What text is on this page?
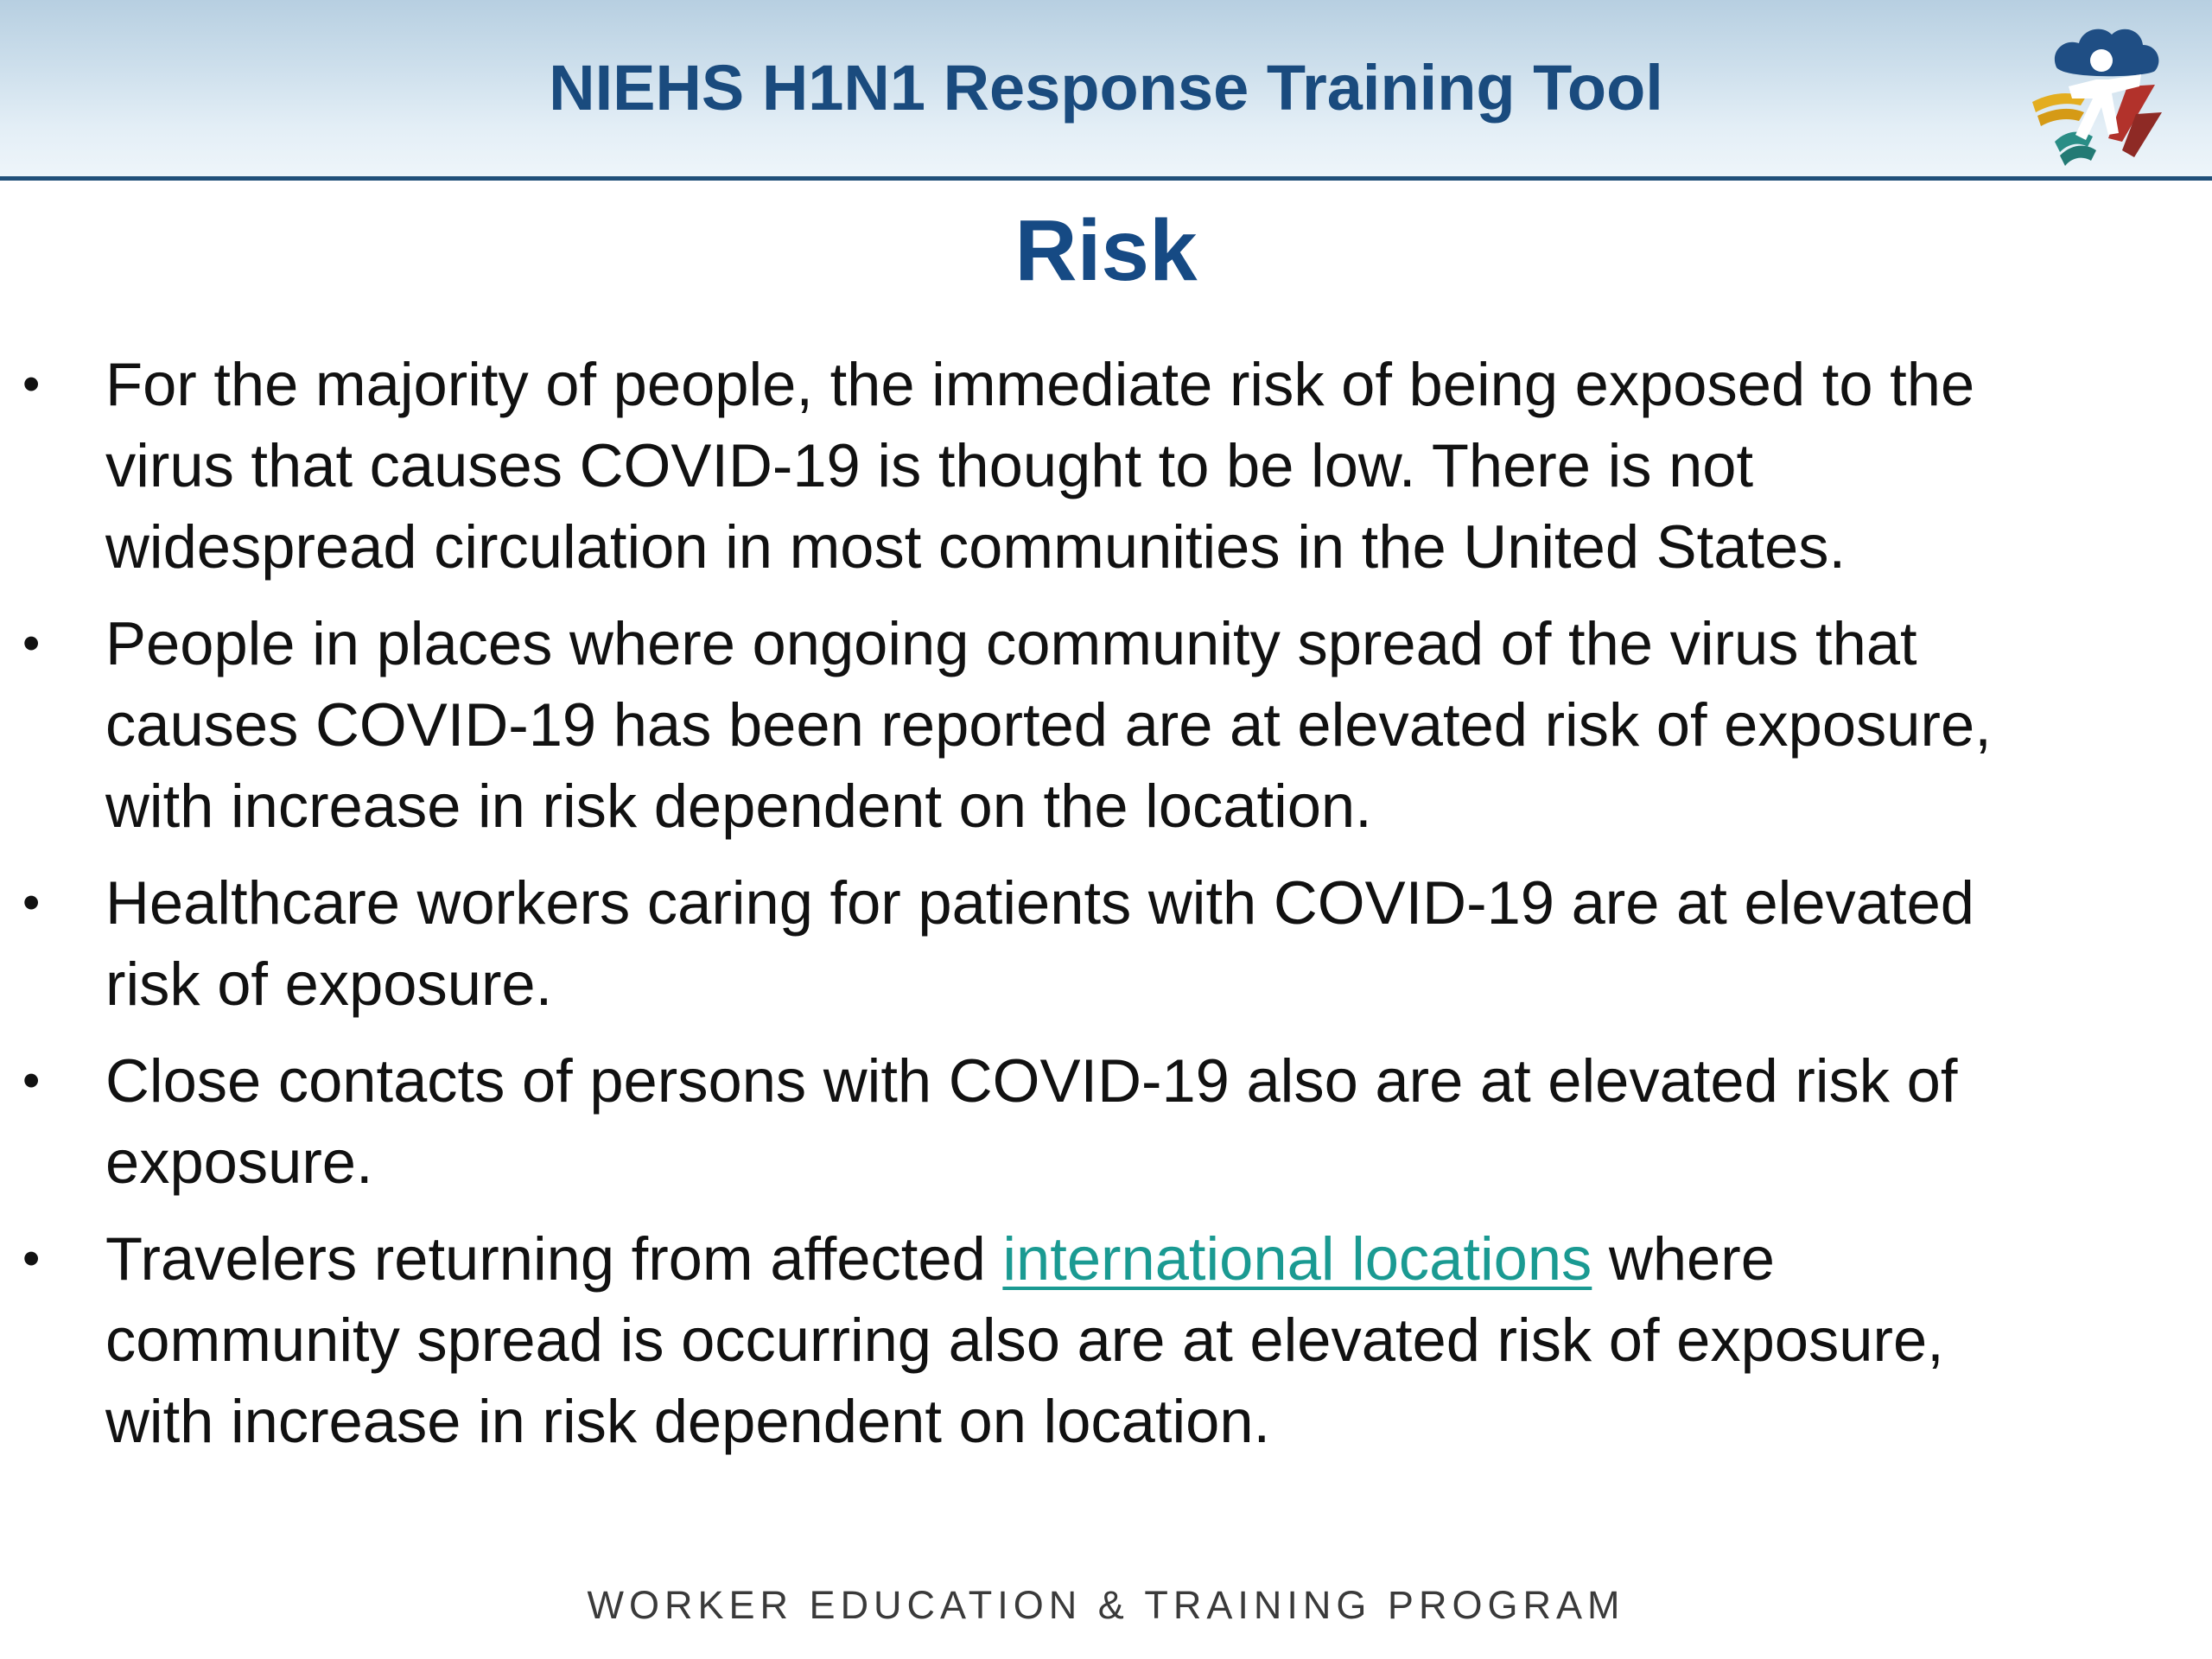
NIEHS H1N1 Response Training Tool
Risk
• For the majority of people, the immediate risk of being exposed to the virus that causes COVID-19 is thought to be low. There is not widespread circulation in most communities in the United States.
• People in places where ongoing community spread of the virus that causes COVID-19 has been reported are at elevated risk of exposure, with increase in risk dependent on the location.
• Healthcare workers caring for patients with COVID-19 are at elevated risk of exposure.
• Close contacts of persons with COVID-19 also are at elevated risk of exposure.
• Travelers returning from affected international locations where community spread is occurring also are at elevated risk of exposure, with increase in risk dependent on location.
WORKER EDUCATION & TRAINING PROGRAM
